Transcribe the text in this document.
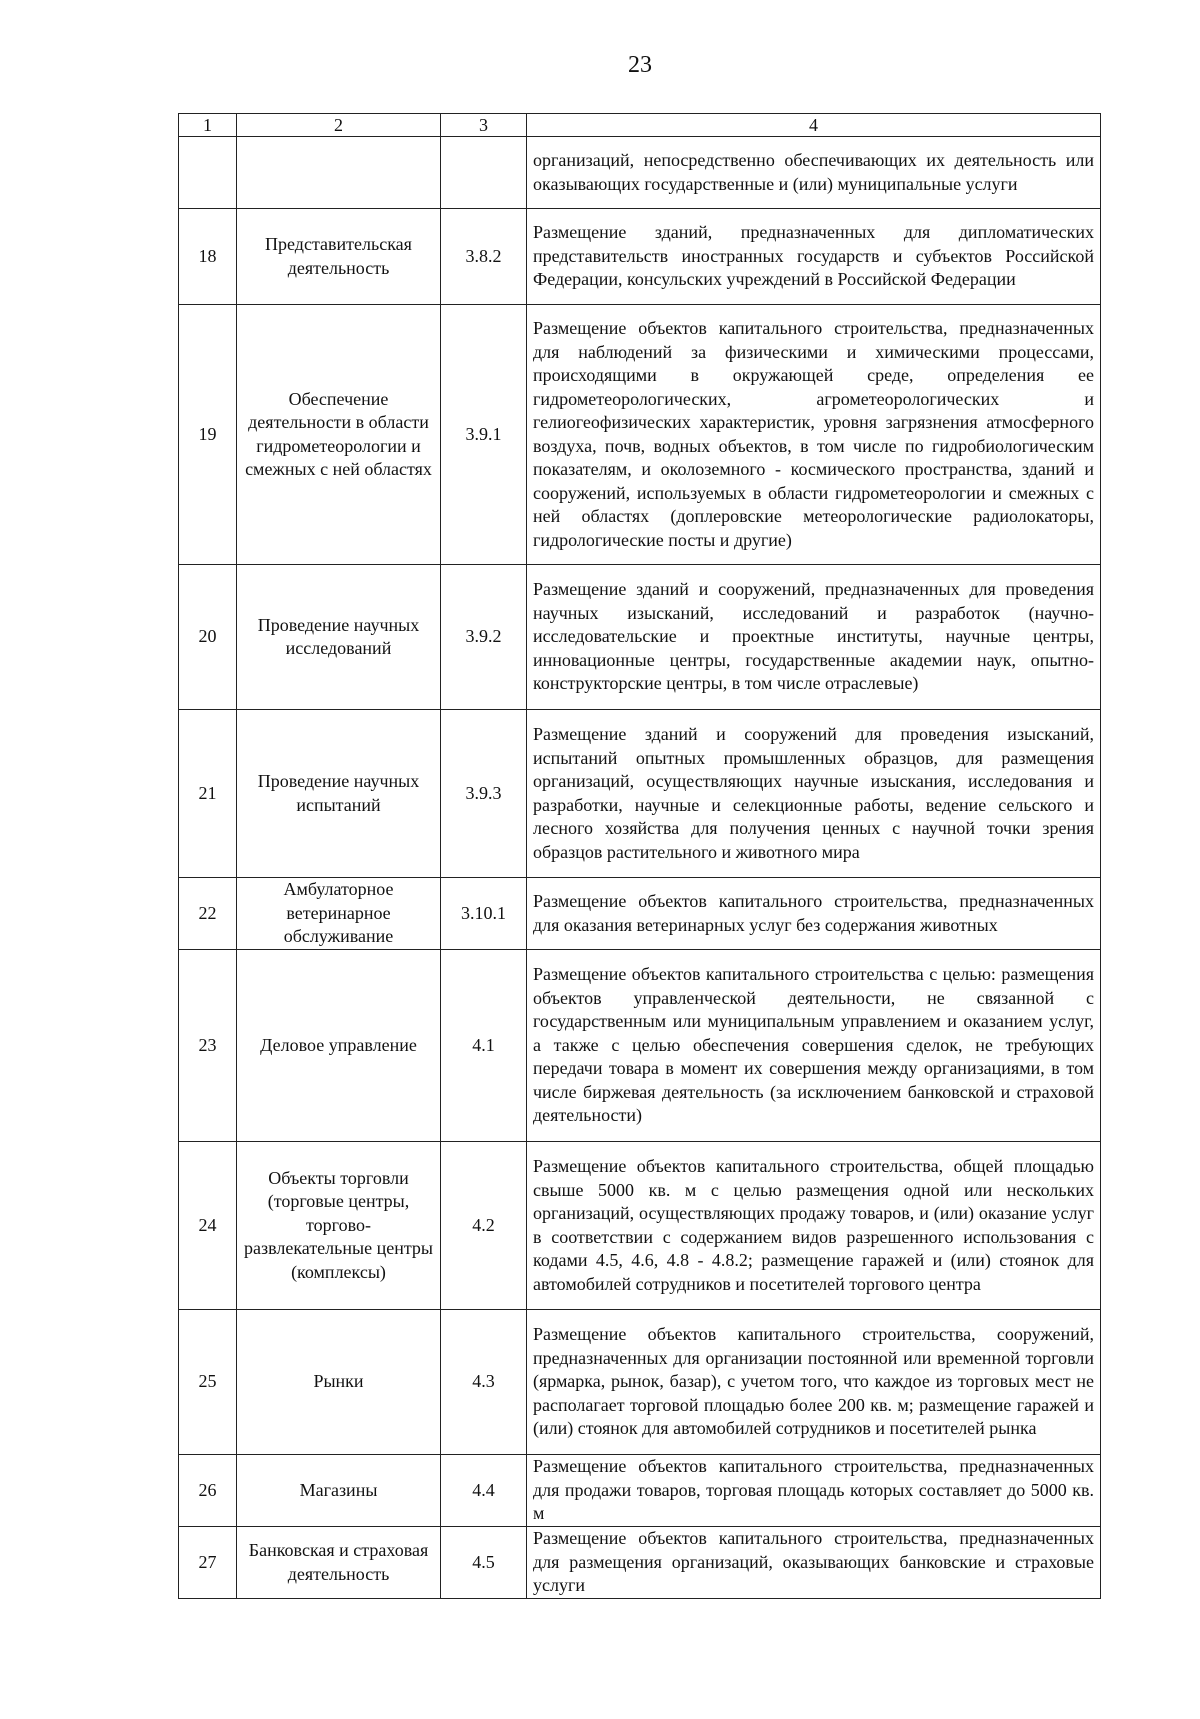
23
1	2	3	4
			организаций, непосредственно обеспечивающих их деятельность или оказывающих государственные и (или) муниципальные услуги
18	Представительская деятельность	3.8.2	Размещение зданий, предназначенных для дипломатических представительств иностранных государств и субъектов Российской Федерации, консульских учреждений в Российской Федерации
19	Обеспечение деятельности в области гидрометеорологии и смежных с ней областях	3.9.1	Размещение объектов капитального строительства, предназначенных для наблюдений за физическими и химическими процессами, происходящими в окружающей среде, определения ее гидрометеорологических, агрометеорологических и гелиогеофизических характеристик, уровня загрязнения атмосферного воздуха, почв, водных объектов, в том числе по гидробиологическим показателям, и околоземного - космического пространства, зданий и сооружений, используемых в области гидрометеорологии и смежных с ней областях (доплеровские метеорологические радиолокаторы, гидрологические посты и другие)
20	Проведение научных исследований	3.9.2	Размещение зданий и сооружений, предназначенных для проведения научных изысканий, исследований и разработок (научно-исследовательские и проектные институты, научные центры, инновационные центры, государственные академии наук, опытно-конструкторские центры, в том числе отраслевые)
21	Проведение научных испытаний	3.9.3	Размещение зданий и сооружений для проведения изысканий, испытаний опытных промышленных образцов, для размещения организаций, осуществляющих научные изыскания, исследования и разработки, научные и селекционные работы, ведение сельского и лесного хозяйства для получения ценных с научной точки зрения образцов растительного и животного мира
22	Амбулаторное ветеринарное обслуживание	3.10.1	Размещение объектов капитального строительства, предназначенных для оказания ветеринарных услуг без содержания животных
23	Деловое управление	4.1	Размещение объектов капитального строительства с целью: размещения объектов управленческой деятельности, не связанной с государственным или муниципальным управлением и оказанием услуг, а также с целью обеспечения совершения сделок, не требующих передачи товара в момент их совершения между организациями, в том числе биржевая деятельность (за исключением банковской и страховой деятельности)
24	Объекты торговли (торговые центры, торгово-развлекательные центры (комплексы)	4.2	Размещение объектов капитального строительства, общей площадью свыше 5000 кв. м с целью размещения одной или нескольких организаций, осуществляющих продажу товаров, и (или) оказание услуг в соответствии с содержанием видов разрешенного использования с кодами 4.5, 4.6, 4.8 - 4.8.2; размещение гаражей и (или) стоянок для автомобилей сотрудников и посетителей торгового центра
25	Рынки	4.3	Размещение объектов капитального строительства, сооружений, предназначенных для организации постоянной или временной торговли (ярмарка, рынок, базар), с учетом того, что каждое из торговых мест не располагает торговой площадью более 200 кв. м; размещение гаражей и (или) стоянок для автомобилей сотрудников и посетителей рынка
26	Магазины	4.4	Размещение объектов капитального строительства, предназначенных для продажи товаров, торговая площадь которых составляет до 5000 кв. м
27	Банковская и страховая деятельность	4.5	Размещение объектов капитального строительства, предназначенных для размещения организаций, оказывающих банковские и страховые услуги
